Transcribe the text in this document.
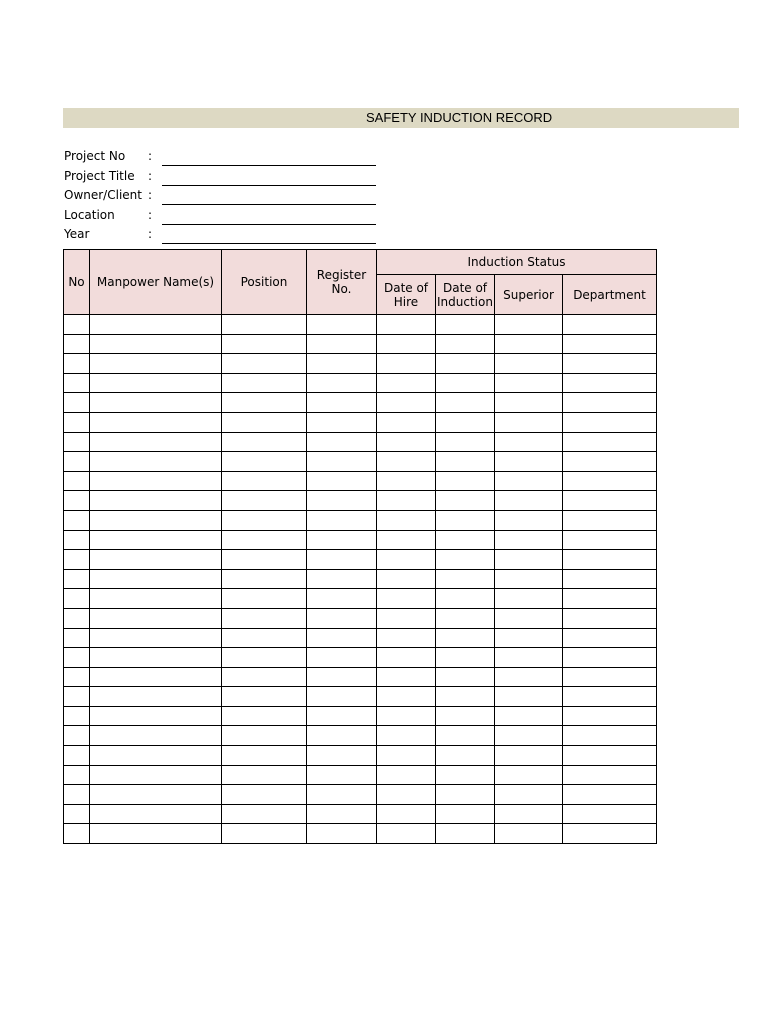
SAFETY INDUCTION RECORD
Project No :
Project Title :
Owner/Client :
Location	:
Year	:
No	Manpower Name(s)	Position	Register No.	Induction Status			
				Date of Hire	Date of Induction	Superior	Department
